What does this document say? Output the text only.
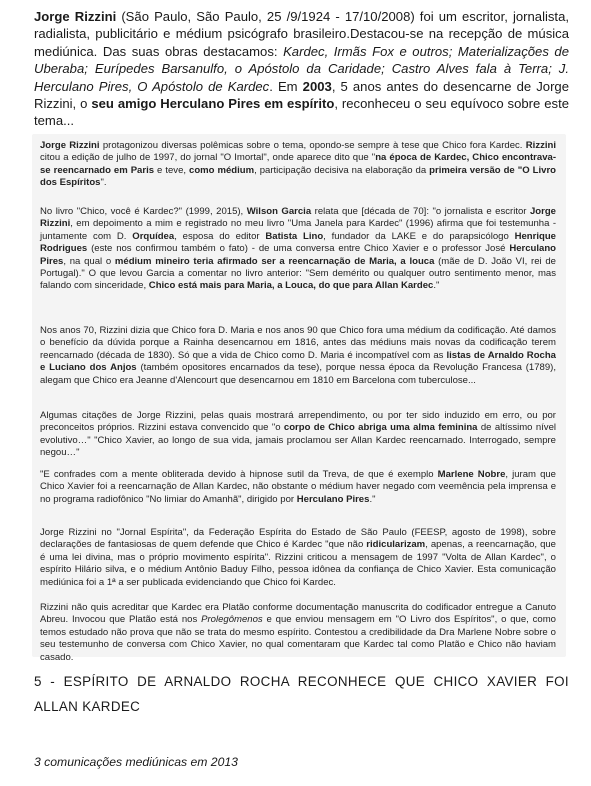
Jorge Rizzini (São Paulo, São Paulo, 25 /9/1924 - 17/10/2008) foi um escritor, jornalista, radialista, publicitário e médium psicógrafo brasileiro.Destacou-se na recepção de música mediúnica. Das suas obras destacamos: Kardec, Irmãs Fox e outros; Materializações de Uberaba; Eurípedes Barsanulfo, o Apóstolo da Caridade; Castro Alves fala à Terra; J. Herculano Pires, O Apóstolo de Kardec. Em 2003, 5 anos antes do desencarne de Jorge Rizzini, o seu amigo Herculano Pires em espírito, reconheceu o seu equívoco sobre este tema...

Jorge Rizzini protagonizou diversas polêmicas sobre o tema, opondo-se sempre à tese que Chico fora Kardec. Rizzini citou a edição de julho de 1997, do jornal "O Imortal", onde aparece dito que "na época de Kardec, Chico encontrava-se reencarnado em Paris e teve, como médium, participação decisiva na elaboração da primeira versão de "O Livro dos Espíritos".

No livro "Chico, você é Kardec?" (1999, 2015), Wilson Garcia relata que [década de 70]: "o jornalista e escritor Jorge Rizzini, em depoimento a mim e registrado no meu livro "Uma Janela para Kardec" (1996) afirma que foi testemunha - juntamente com D. Orquídea, esposa do editor Batista Lino, fundador da LAKE e do parapsicólogo Henrique Rodrigues (este nos confirmou também o fato) - de uma conversa entre Chico Xavier e o professor José Herculano Pires, na qual o médium mineiro teria afirmado ser a reencarnação de Maria, a louca (mãe de D. João VI, rei de Portugal)." O que levou Garcia a comentar no livro anterior: "Sem demérito ou qualquer outro sentimento menor, mas falando com sinceridade, Chico está mais para Maria, a Louca, do que para Allan Kardec."

Nos anos 70, Rizzini dizia que Chico fora D. Maria e nos anos 90 que Chico fora uma médium da codificação. Até damos o benefício da dúvida porque a Rainha desencarnou em 1816, antes das médiuns mais novas da codificação terem reencarnado (década de 1830). Só que a vida de Chico como D. Maria é incompatível com as listas de Arnaldo Rocha e Luciano dos Anjos (também opositores encarnados da tese), porque nessa época da Revolução Francesa (1789), alegam que Chico era Jeanne d'Alencourt que desencarnou em 1810 em Barcelona com tuberculose...

Algumas citações de Jorge Rizzini, pelas quais mostrará arrependimento, ou por ter sido induzido em erro, ou por preconceitos próprios. Rizzini estava convencido que "o corpo de Chico abriga uma alma feminina de altíssimo nível evolutivo…" "Chico Xavier, ao longo de sua vida, jamais proclamou ser Allan Kardec reencarnado. Interrogado, sempre negou…"

"E confrades com a mente obliterada devido à hipnose sutil da Treva, de que é exemplo Marlene Nobre, juram que Chico Xavier foi a reencarnação de Allan Kardec, não obstante o médium haver negado com veemência pela imprensa e no programa radiofônico "No limiar do Amanhã", dirigido por Herculano Pires."

Jorge Rizzini no "Jornal Espírita", da Federação Espírita do Estado de São Paulo (FEESP, agosto de 1998), sobre declarações de fantasiosas de quem defende que Chico é Kardec "que não ridicularizam, apenas, a reencarnação, que é uma lei divina, mas o próprio movimento espírita". Rizzini criticou a mensagem de 1997 "Volta de Allan Kardec", o espírito Hilário silva, e o médium Antônio Baduy Filho, pessoa idônea da confiança de Chico Xavier. Esta comunicação mediúnica foi a 1ª a ser publicada evidenciando que Chico foi Kardec.

Rizzini não quis acreditar que Kardec era Platão conforme documentação manuscrita do codificador entregue a Canuto Abreu. Invocou que Platão está nos Prolegômenos e que enviou mensagem em "O Livro dos Espíritos", o que, como temos estudado não prova que não se trata do mesmo espírito. Contestou a credibilidade da Dra Marlene Nobre sobre o seu testemunho de conversa com Chico Xavier, no qual comentaram que Kardec tal como Platão e Chico não haviam casado.

5 - ESPÍRITO DE ARNALDO ROCHA RECONHECE QUE CHICO XAVIER FOI ALLAN KARDEC

3 comunicações mediúnicas em 2013
